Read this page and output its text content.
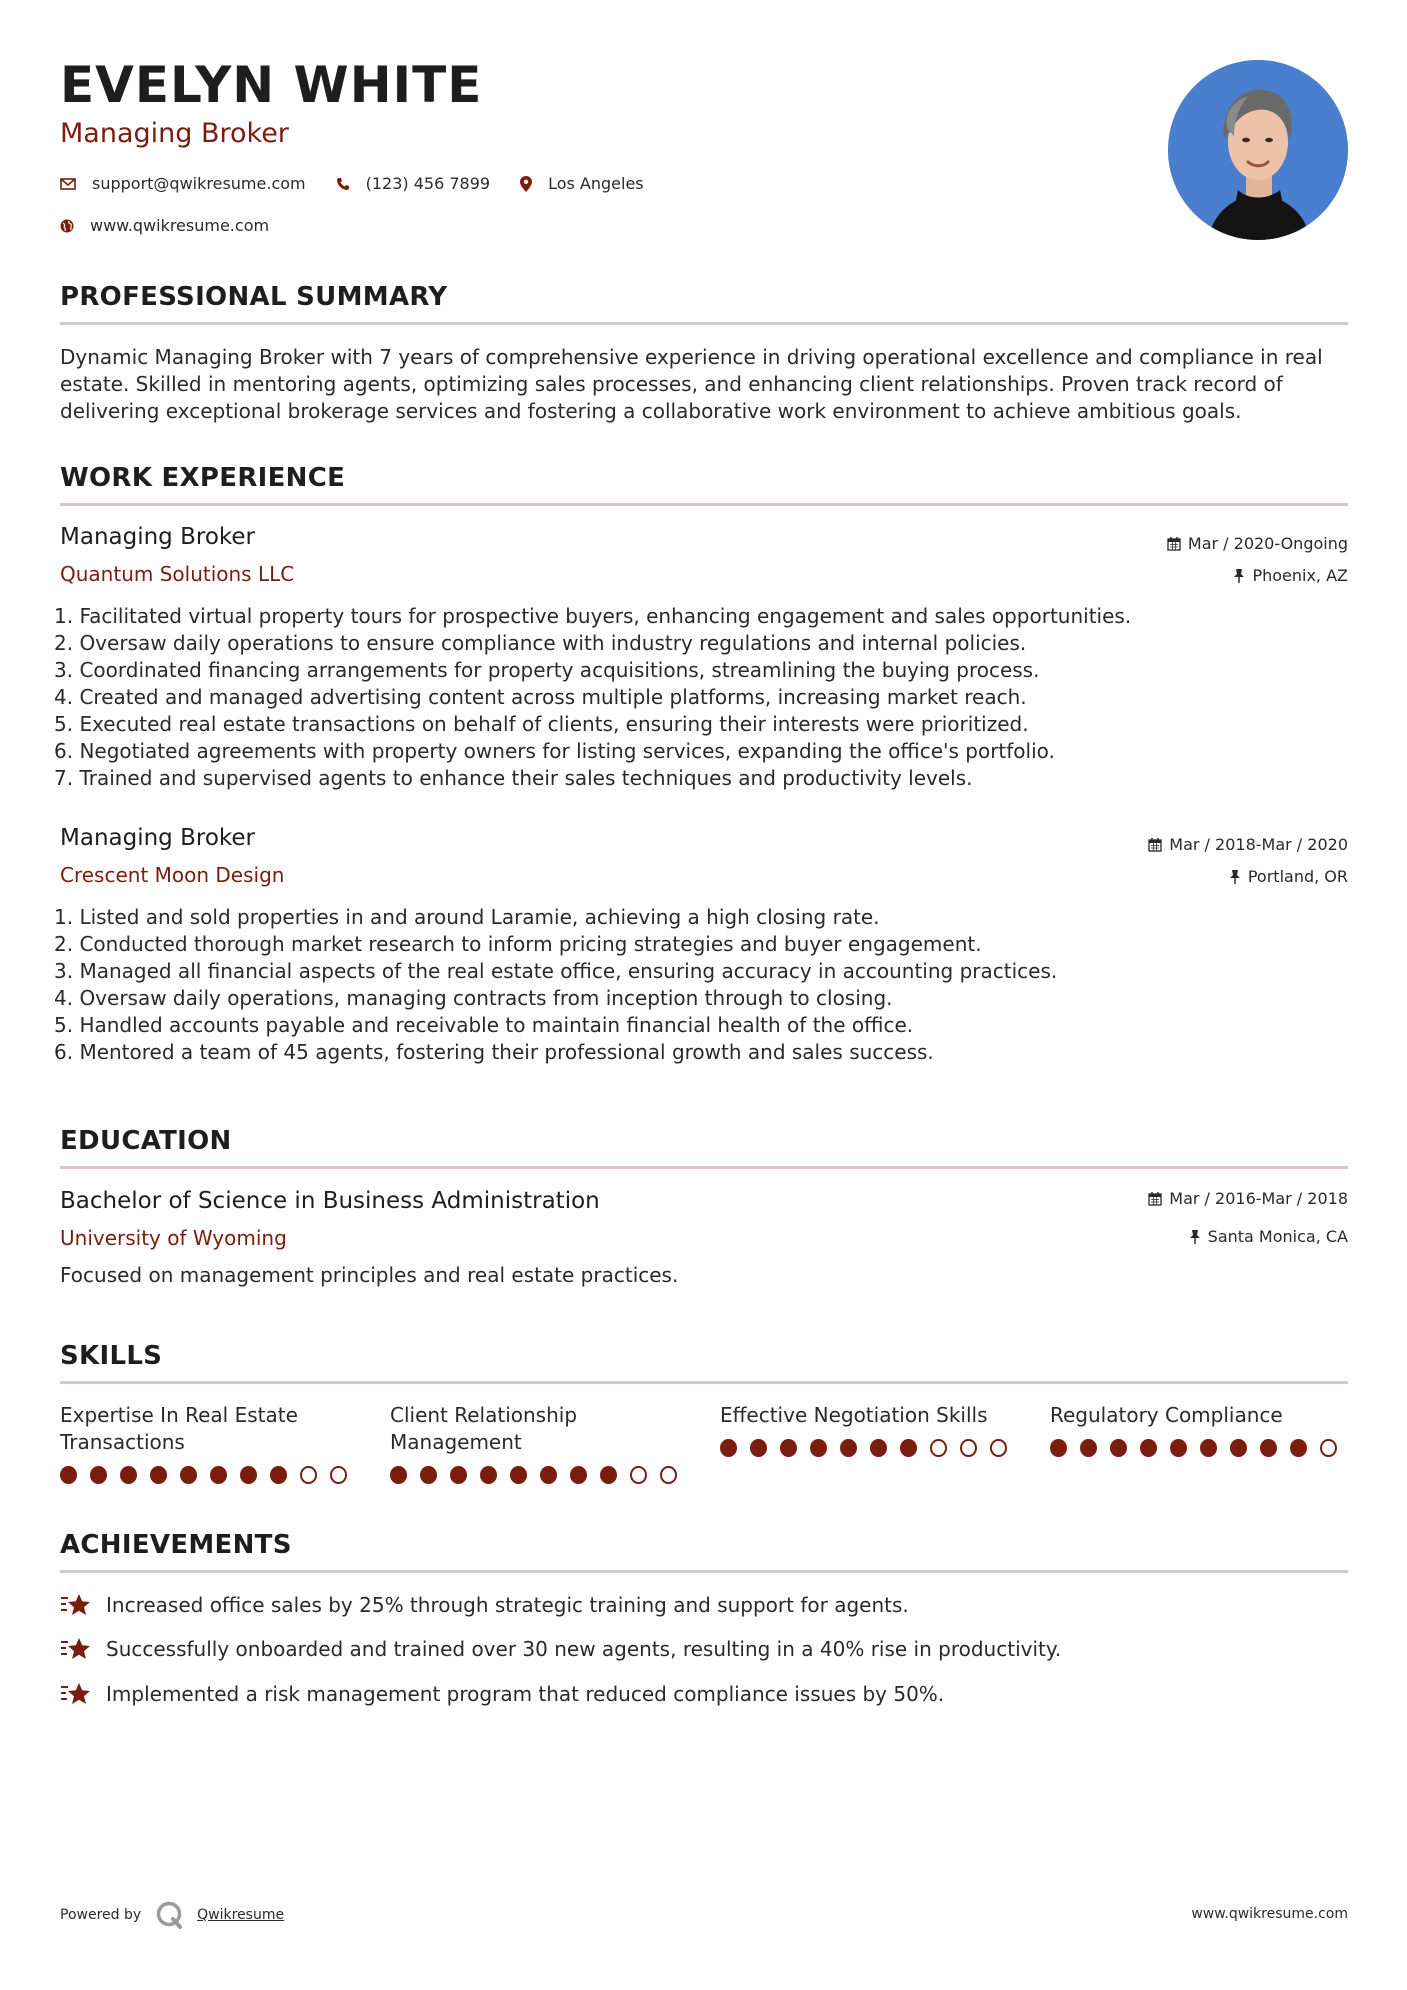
EVELYN WHITE
Managing Broker
support@qwikresume.com	(123) 456 7899	Los Angeles
www.qwikresume.com
PROFESSIONAL SUMMARY
Dynamic Managing Broker with 7 years of comprehensive experience in driving operational excellence and compliance in real estate. Skilled in mentoring agents, optimizing sales processes, and enhancing client relationships. Proven track record of delivering exceptional brokerage services and fostering a collaborative work environment to achieve ambitious goals.
WORK EXPERIENCE
Managing Broker
Quantum Solutions LLC
Mar / 2020-Ongoing
Phoenix, AZ
1. Facilitated virtual property tours for prospective buyers, enhancing engagement and sales opportunities.
2. Oversaw daily operations to ensure compliance with industry regulations and internal policies.
3. Coordinated financing arrangements for property acquisitions, streamlining the buying process.
4. Created and managed advertising content across multiple platforms, increasing market reach.
5. Executed real estate transactions on behalf of clients, ensuring their interests were prioritized.
6. Negotiated agreements with property owners for listing services, expanding the office's portfolio.
7. Trained and supervised agents to enhance their sales techniques and productivity levels.
Managing Broker
Crescent Moon Design
Mar / 2018-Mar / 2020
Portland, OR
1. Listed and sold properties in and around Laramie, achieving a high closing rate.
2. Conducted thorough market research to inform pricing strategies and buyer engagement.
3. Managed all financial aspects of the real estate office, ensuring accuracy in accounting practices.
4. Oversaw daily operations, managing contracts from inception through to closing.
5. Handled accounts payable and receivable to maintain financial health of the office.
6. Mentored a team of 45 agents, fostering their professional growth and sales success.
EDUCATION
Bachelor of Science in Business Administration
University of Wyoming
Mar / 2016-Mar / 2018
Santa Monica, CA
Focused on management principles and real estate practices.
SKILLS
Expertise In Real Estate Transactions
Client Relationship Management
Effective Negotiation Skills	Regulatory Compliance
ACHIEVEMENTS
Increased office sales by 25% through strategic training and support for agents.
Successfully onboarded and trained over 30 new agents, resulting in a 40% rise in productivity.
Implemented a risk management program that reduced compliance issues by 50%.
Powered by	Qwikresume	www.qwikresume.com
